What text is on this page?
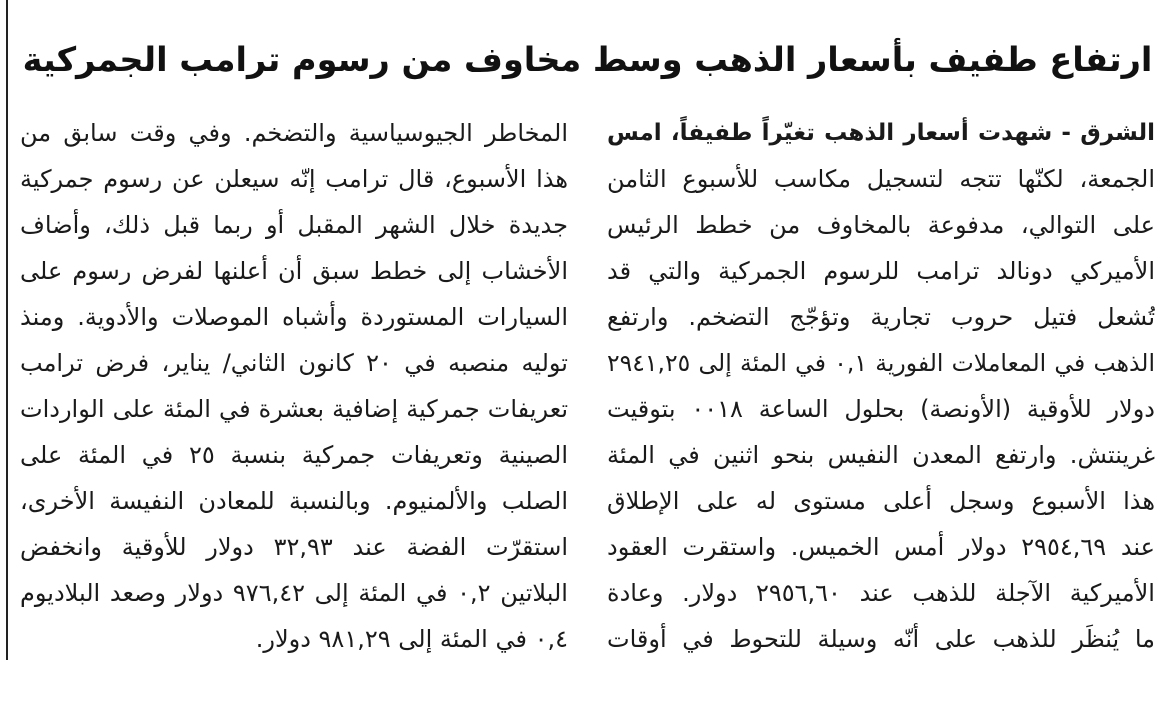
ارتفاع طفيف بأسعار الذهب وسط مخاوف من رسوم ترامب الجمركية
الشرق - شهدت أسعار الذهب تغيّراً طفيفاً، امس
الجمعة، لكنّها تتجه لتسجيل مكاسب للأسبوع الثامن
على التوالي، مدفوعة بالمخاوف من خطط الرئيس
الأميركي دونالد ترامب للرسوم الجمركية والتي قد
تُشعل فتيل حروب تجارية وتؤجّج التضخم. وارتفع
الذهب في المعاملات الفورية ٠,١ في المئة إلى ٢٩٤١,٢٥
دولار للأوقية (الأونصة) بحلول الساعة ٠٠١٨ بتوقيت
غرينتش. وارتفع المعدن النفيس بنحو اثنين في المئة
هذا الأسبوع وسجل أعلى مستوى له على الإطلاق
عند ٢٩٥٤,٦٩ دولار أمس الخميس. واستقرت العقود
الأميركية الآجلة للذهب عند ٢٩٥٦,٦٠ دولار. وعادة
ما يُنظَر للذهب على أنّه وسيلة للتحوط في أوقات
المخاطر الجيوسياسية والتضخم. وفي وقت سابق من
هذا الأسبوع، قال ترامب إنّه سيعلن عن رسوم جمركية
جديدة خلال الشهر المقبل أو ربما قبل ذلك، وأضاف
الأخشاب إلى خطط سبق أن أعلنها لفرض رسوم على
السيارات المستوردة وأشباه الموصلات والأدوية. ومنذ
توليه منصبه في ٢٠ كانون الثاني/ يناير، فرض ترامب
تعريفات جمركية إضافية بعشرة في المئة على الواردات
الصينية وتعريفات جمركية بنسبة ٢٥ في المئة على
الصلب والألمنيوم. وبالنسبة للمعادن النفيسة الأخرى،
استقرّت الفضة عند ٣٢,٩٣ دولار للأوقية وانخفض
البلاتين ٠,٢ في المئة إلى ٩٧٦,٤٢ دولار وصعد البلاديوم
٠,٤ في المئة إلى ٩٨١,٢٩ دولار.
